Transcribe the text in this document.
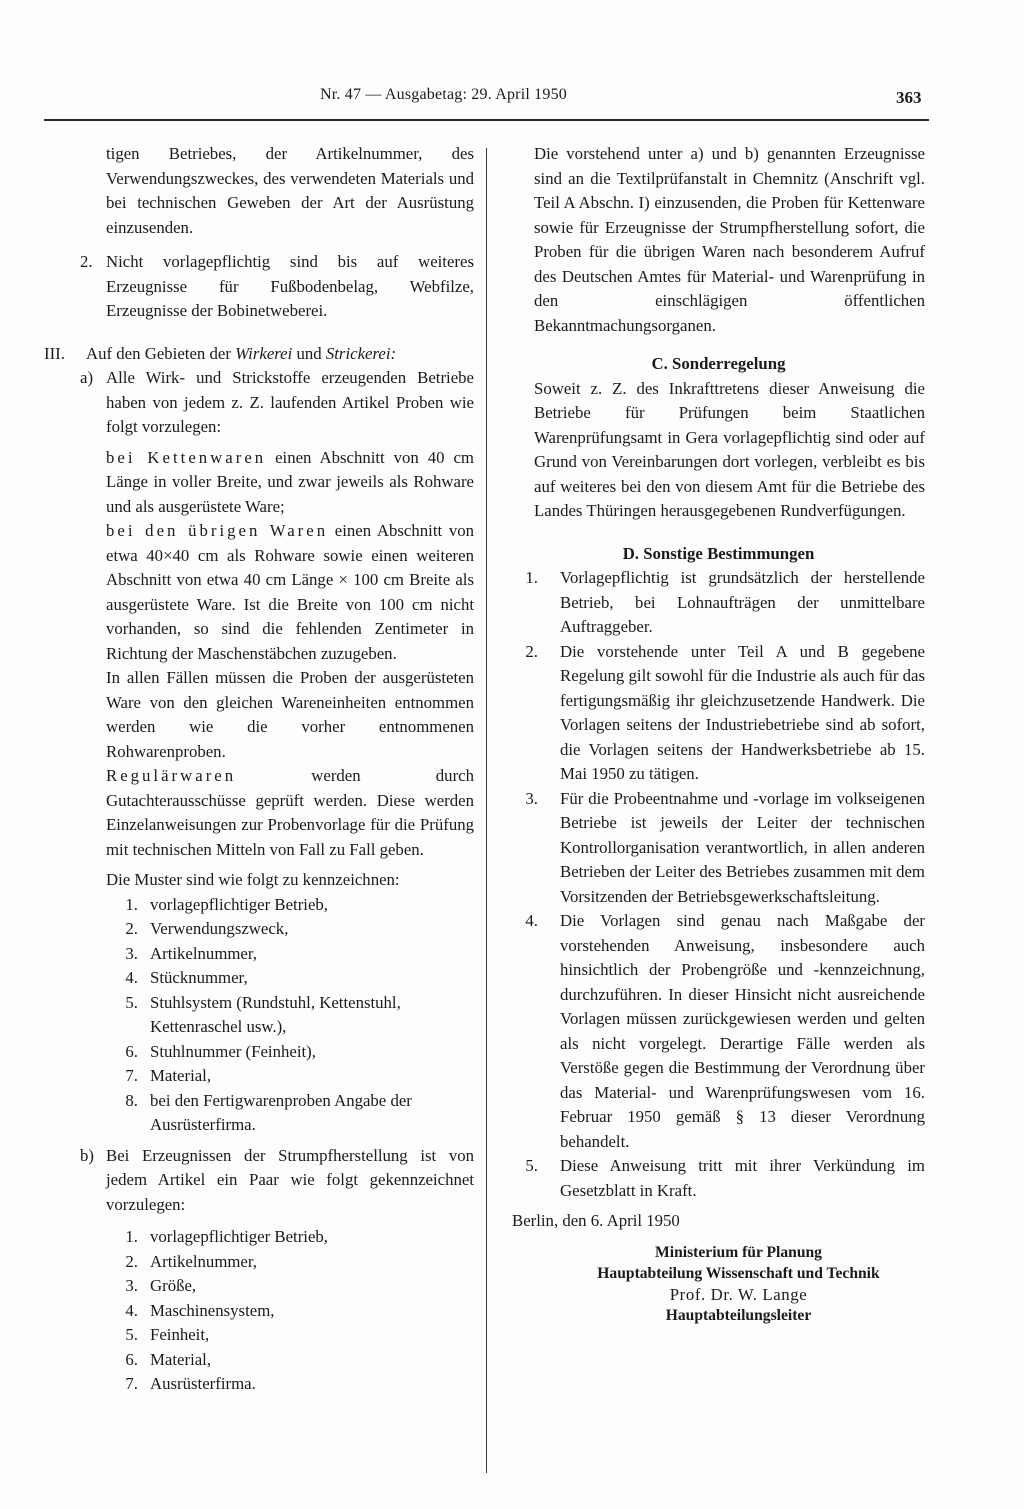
Nr. 47 — Ausgabetag: 29. April 1950	363

tigen Betriebes, der Artikelnummer, des Verwendungszweckes, des verwendeten Materials und bei technischen Geweben der Art der Ausrüstung einzusenden.

2. Nicht vorlagepflichtig sind bis auf weiteres Erzeugnisse für Fußbodenbelag, Webfilze, Erzeugnisse der Bobinetweberei.

III. Auf den Gebieten der Wirkerei und Strickerei:
a) Alle Wirk- und Strickstoffe erzeugenden Betriebe haben von jedem z. Z. laufenden Artikel Proben wie folgt vorzulegen:

bei Kettenwaren einen Abschnitt von 40 cm Länge in voller Breite, und zwar jeweils als Rohware und als ausgerüstete Ware;

bei den übrigen Waren einen Abschnitt von etwa 40×40 cm als Rohware sowie einen weiteren Abschnitt von etwa 40 cm Länge × 100 cm Breite als ausgerüstete Ware. Ist die Breite von 100 cm nicht vorhanden, so sind die fehlenden Zentimeter in Richtung der Maschenstäbchen zuzugeben.

In allen Fällen müssen die Proben der ausgerüsteten Ware von den gleichen Wareneinheiten entnommen werden wie die vorher entnommenen Rohwarenproben.

Regulärwaren	werden durch Gutachterausschüsse geprüft werden. Diese werden Einzelanweisungen zur Probenvorlage für die Prüfung mit technischen Mitteln von Fall zu Fall geben.

Die Muster sind wie folgt zu kennzeichnen:

1. vorlagepflichtiger Betrieb,
2. Verwendungszweck,
3. Artikelnummer,
4. Stücknummer,
5. Stuhlsystem (Rundstuhl, Kettenstuhl,
Kettenraschel usw.),
6. Stuhlnummer (Feinheit),
7. Material,
8. bei den Fertigwarenproben Angabe der
Ausrüsterfirma.
b) Bei Erzeugnissen der Strumpfherstellung ist von jedem Artikel ein Paar wie folgt gekennzeichnet vorzulegen:

1. vorlagepflichtiger Betrieb,
2. Artikelnummer,
3. Größe,
4. Maschinensystem,
5. Feinheit,
6. Material,
7. Ausrüsterfirma.

Die vorstehend unter a) und b) genannten Erzeugnisse sind an die Textilprüfanstalt in Chemnitz (Anschrift vgl. Teil A Abschn. I) einzusenden, die Proben für Kettenware sowie für Erzeugnisse der Strumpfherstellung sofort, die Proben für die übrigen Waren nach besonderem Aufruf des Deutschen Amtes für Material- und Warenprüfung in den einschlägigen öffentlichen Bekanntmachungsorganen.

C. Sonderregelung

Soweit z. Z. des Inkrafttretens dieser Anweisung die Betriebe für Prüfungen beim Staatlichen Warenprüfungsamt in Gera vorlagepflichtig sind oder auf Grund von Vereinbarungen dort vorlegen, verbleibt es bis auf weiteres bei den von diesem Amt für die Betriebe des Landes Thüringen herausgegebenen Rundverfügungen.

D. Sonstige Bestimmungen

1. Vorlagepflichtig ist grundsätzlich der herstellende Betrieb, bei Lohnaufträgen der unmittelbare Auftraggeber.
2. Die vorstehende unter Teil A und B gegebene Regelung gilt sowohl für die Industrie als auch für das fertigungsmäßig ihr gleichzusetzende Handwerk. Die Vorlagen seitens der Industriebetriebe sind ab sofort, die Vorlagen seitens der Handwerksbetriebe ab 15. Mai 1950 zu tätigen.
3. Für die Probeentnahme und -vorlage im volkseigenen Betriebe ist jeweils der Leiter der technischen Kontrollorganisation verantwortlich, in allen anderen Betrieben der Leiter des Betriebes zusammen mit dem Vorsitzenden der Betriebsgewerkschaftsleitung.
4. Die Vorlagen sind genau nach Maßgabe der vorstehenden Anweisung, insbesondere auch hinsichtlich der Probengröße und -kennzeichnung, durchzuführen. In dieser Hinsicht nicht ausreichende Vorlagen müssen zurückgewiesen werden und gelten als nicht vorgelegt. Derartige Fälle werden als Verstöße gegen die Bestimmung der Verordnung über das Material- und Warenprüfungswesen vom 16. Februar 1950 gemäß § 13 dieser Verordnung behandelt.
5. Diese Anweisung tritt mit ihrer Verkündung im Gesetzblatt in Kraft.

Berlin, den 6. April 1950

Ministerium für Planung
Hauptabteilung Wissenschaft und Technik
Prof. Dr. W. Lange
Hauptabteilungsleiter
